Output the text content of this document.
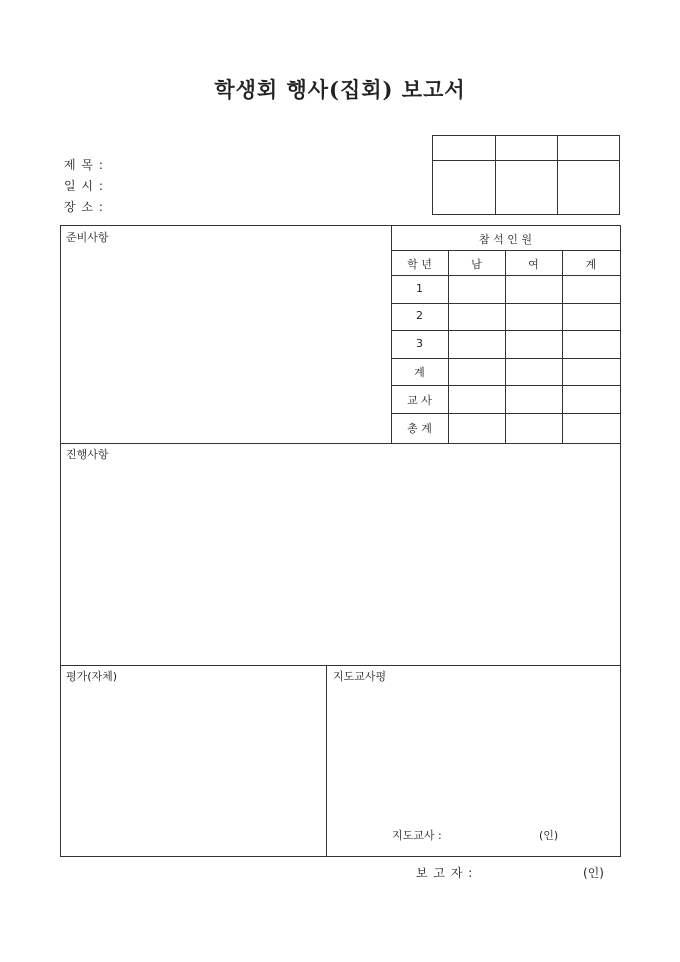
학생회 행사(집회) 보고서
제 목 :
일 시 :
장 소 :
준비사항	참 석 인 원
학 년	남	여	계
1
2
3
계
교 사
총 계
진행사항
평가(자체)	지도교사평
지도교사 :	(인)
보 고 자 :	(인)
